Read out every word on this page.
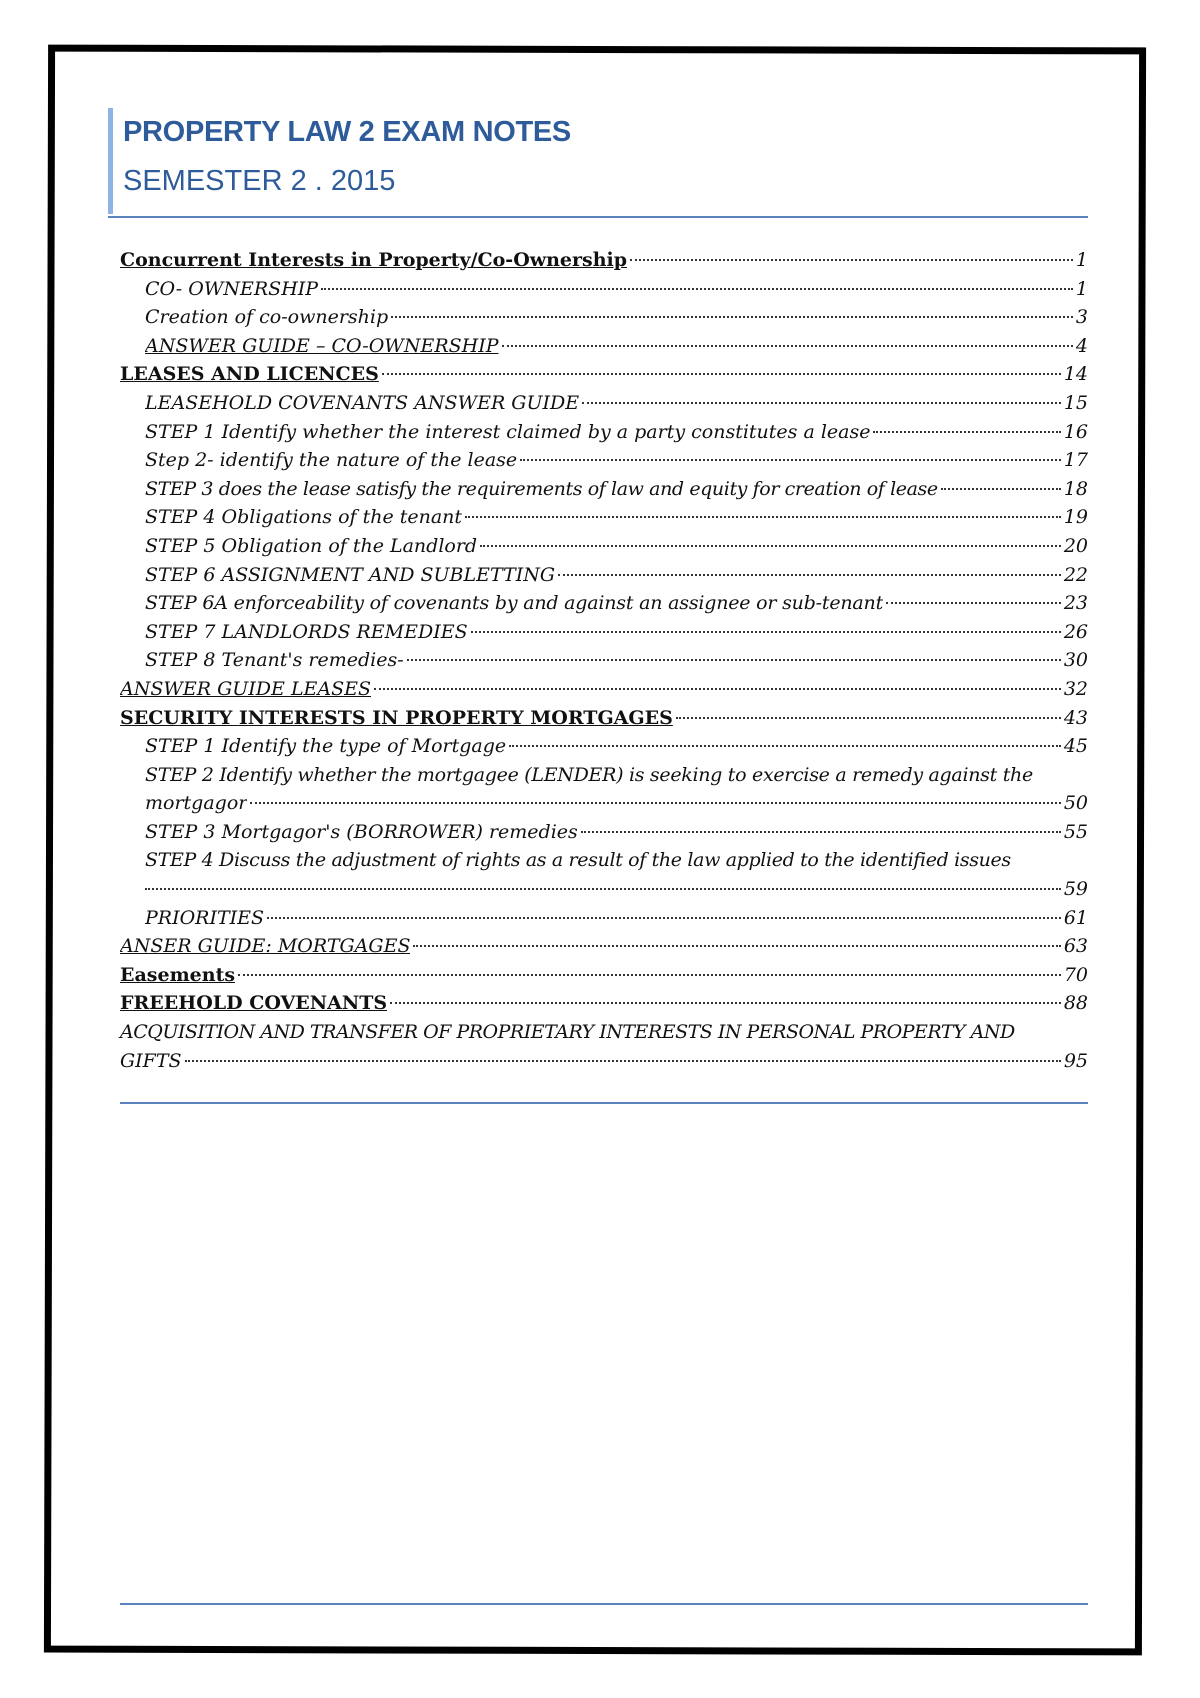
PROPERTY LAW 2 EXAM NOTES
SEMESTER 2 . 2015
Concurrent Interests in Property/Co-Ownership	1
CO- OWNERSHIP	1
Creation of co-ownership	3
ANSWER GUIDE – CO-OWNERSHIP	4
LEASES AND LICENCES	14
LEASEHOLD COVENANTS ANSWER GUIDE	15
STEP 1 Identify whether the interest claimed by a party constitutes a lease	16
Step 2- identify the nature of the lease	17
STEP 3 does the lease satisfy the requirements of law and equity for creation of lease	18
STEP 4 Obligations of the tenant	19
STEP 5 Obligation of the Landlord	20
STEP 6 ASSIGNMENT AND SUBLETTING	22
STEP 6A enforceability of covenants by and against an assignee or sub-tenant	23
STEP 7 LANDLORDS REMEDIES	26
STEP 8 Tenant's remedies-	30
ANSWER GUIDE LEASES	32
SECURITY INTERESTS IN PROPERTY MORTGAGES	43
STEP 1 Identify the type of Mortgage	45
STEP 2 Identify whether the mortgagee (LENDER) is seeking to exercise a remedy against the
mortgagor	50
STEP 3 Mortgagor's (BORROWER) remedies	55
STEP 4 Discuss the adjustment of rights as a result of the law applied to the identified issues
59
PRIORITIES	61
ANSER GUIDE: MORTGAGES	63
Easements	70
FREEHOLD COVENANTS	88
ACQUISITION AND TRANSFER OF PROPRIETARY INTERESTS IN PERSONAL PROPERTY AND
GIFTS	95
